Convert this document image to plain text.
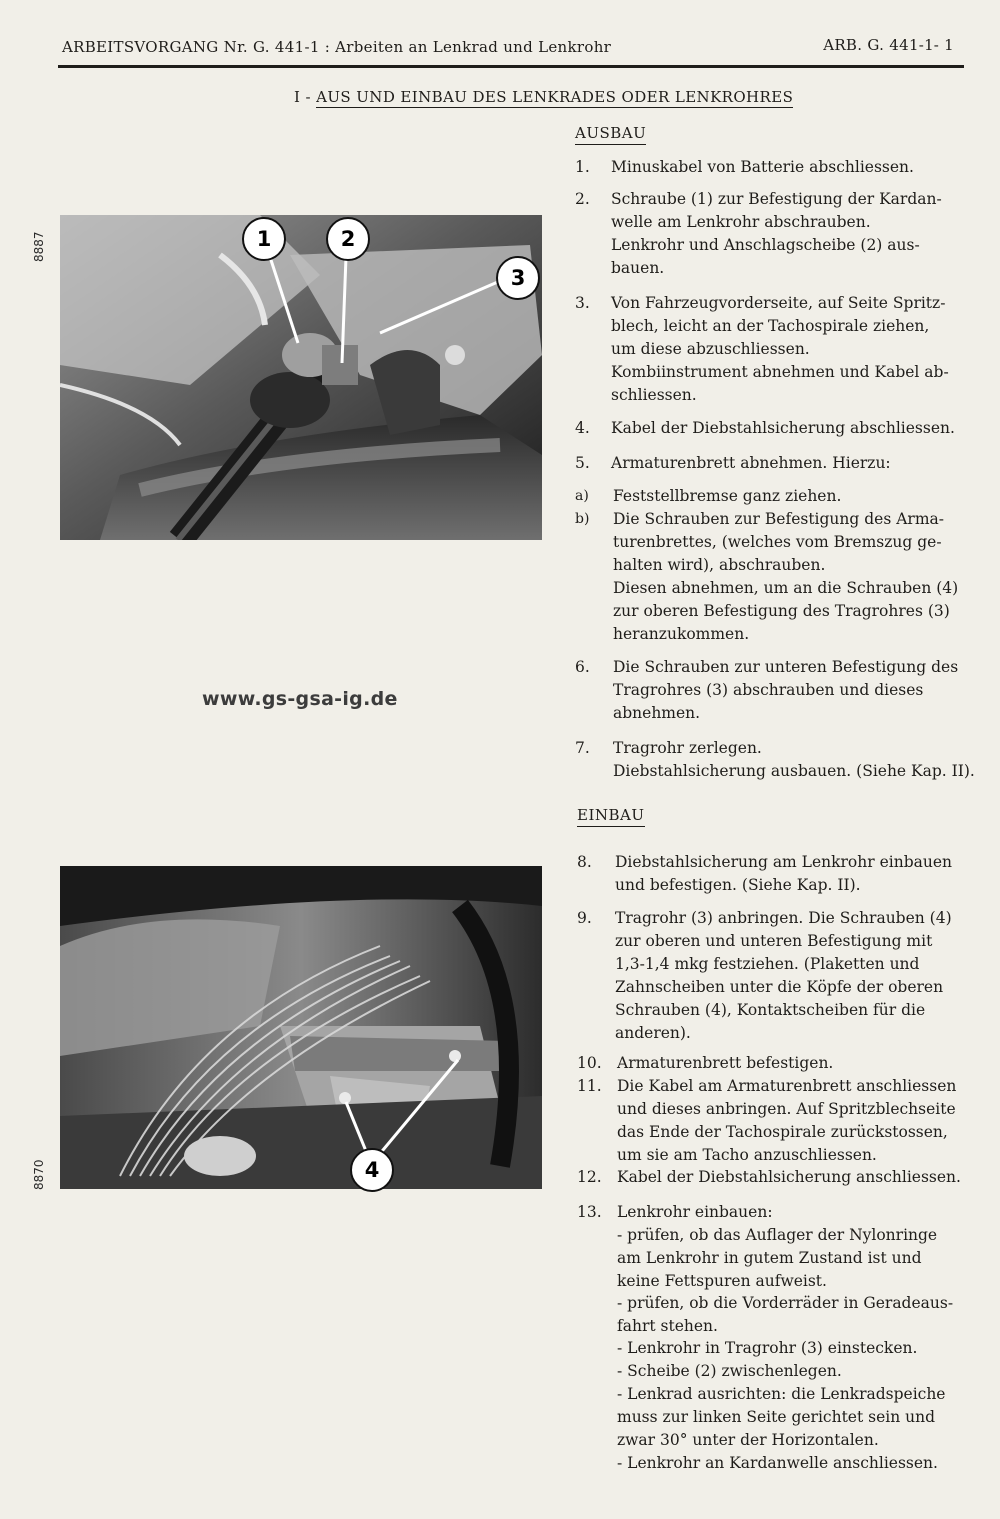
ARBEITSVORGANG Nr. G. 441-1 : Arbeiten an Lenkrad und Lenkrohr	ARB. G. 441-1 - 1
I - AUS UND EINBAU DES LENKRADES ODER LENKROHRES
AUSBAU
1. Minuskabel von Batterie abschliessen.
2. Schraube (1) zur Befestigung der Kardan-
welle am Lenkrohr abschrauben.
Lenkrohr und Anschlagscheibe (2) aus-
bauen.
3. Von Fahrzeugvorderseite, auf Seite Spritz-
blech, leicht an der Tachospirale ziehen,
um diese abzuschliessen.
Kombiinstrument abnehmen und Kabel ab-
schliessen.
4. Kabel der Diebstahlsicherung abschliessen.
5. Armaturenbrett abnehmen. Hierzu:
a) Feststellbremse ganz ziehen.
b) Die Schrauben zur Befestigung des Arma-
turenbrettes, (welches vom Bremszug ge-
halten wird), abschrauben.
Diesen abnehmen, um an die Schrauben (4)
zur oberen Befestigung des Tragrohres (3)
heranzukommen.
6. Die Schrauben zur unteren Befestigung des
Tragrohres (3) abschrauben und dieses
abnehmen.
7. Tragrohr zerlegen.
Diebstahlsicherung ausbauen. (Siehe Kap. II).
EINBAU
8. Diebstahlsicherung am Lenkrohr einbauen
und befestigen. (Siehe Kap. II).
9. Tragrohr (3) anbringen. Die Schrauben (4)
zur oberen und unteren Befestigung mit
1,3-1,4 mkg festziehen. (Plaketten und
Zahnscheiben unter die Köpfe der oberen
Schrauben (4), Kontaktscheiben für die
anderen).
10. Armaturenbrett befestigen.
11. Die Kabel am Armaturenbrett anschliessen
und dieses anbringen. Auf Spritzblechseite
das Ende der Tachospirale zurückstossen,
um sie am Tacho anzuschliessen.
12. Kabel der Diebstahlsicherung anschliessen.
13. Lenkrohr einbauen:
- prüfen, ob das Auflager der Nylonringe
am Lenkrohr in gutem Zustand ist und
keine Fettspuren aufweist.
- prüfen, ob die Vorderräder in Geradeaus-
fahrt stehen.
- Lenkrohr in Tragrohr (3) einstecken.
- Scheibe (2) zwischenlegen.
- Lenkrad ausrichten: die Lenkradspeiche
muss zur linken Seite gerichtet sein und
zwar 30° unter der Horizontalen.
- Lenkrohr an Kardanwelle anschliessen.
8887	1	2
3
www.gs-gsa-ig.de
8870	4
